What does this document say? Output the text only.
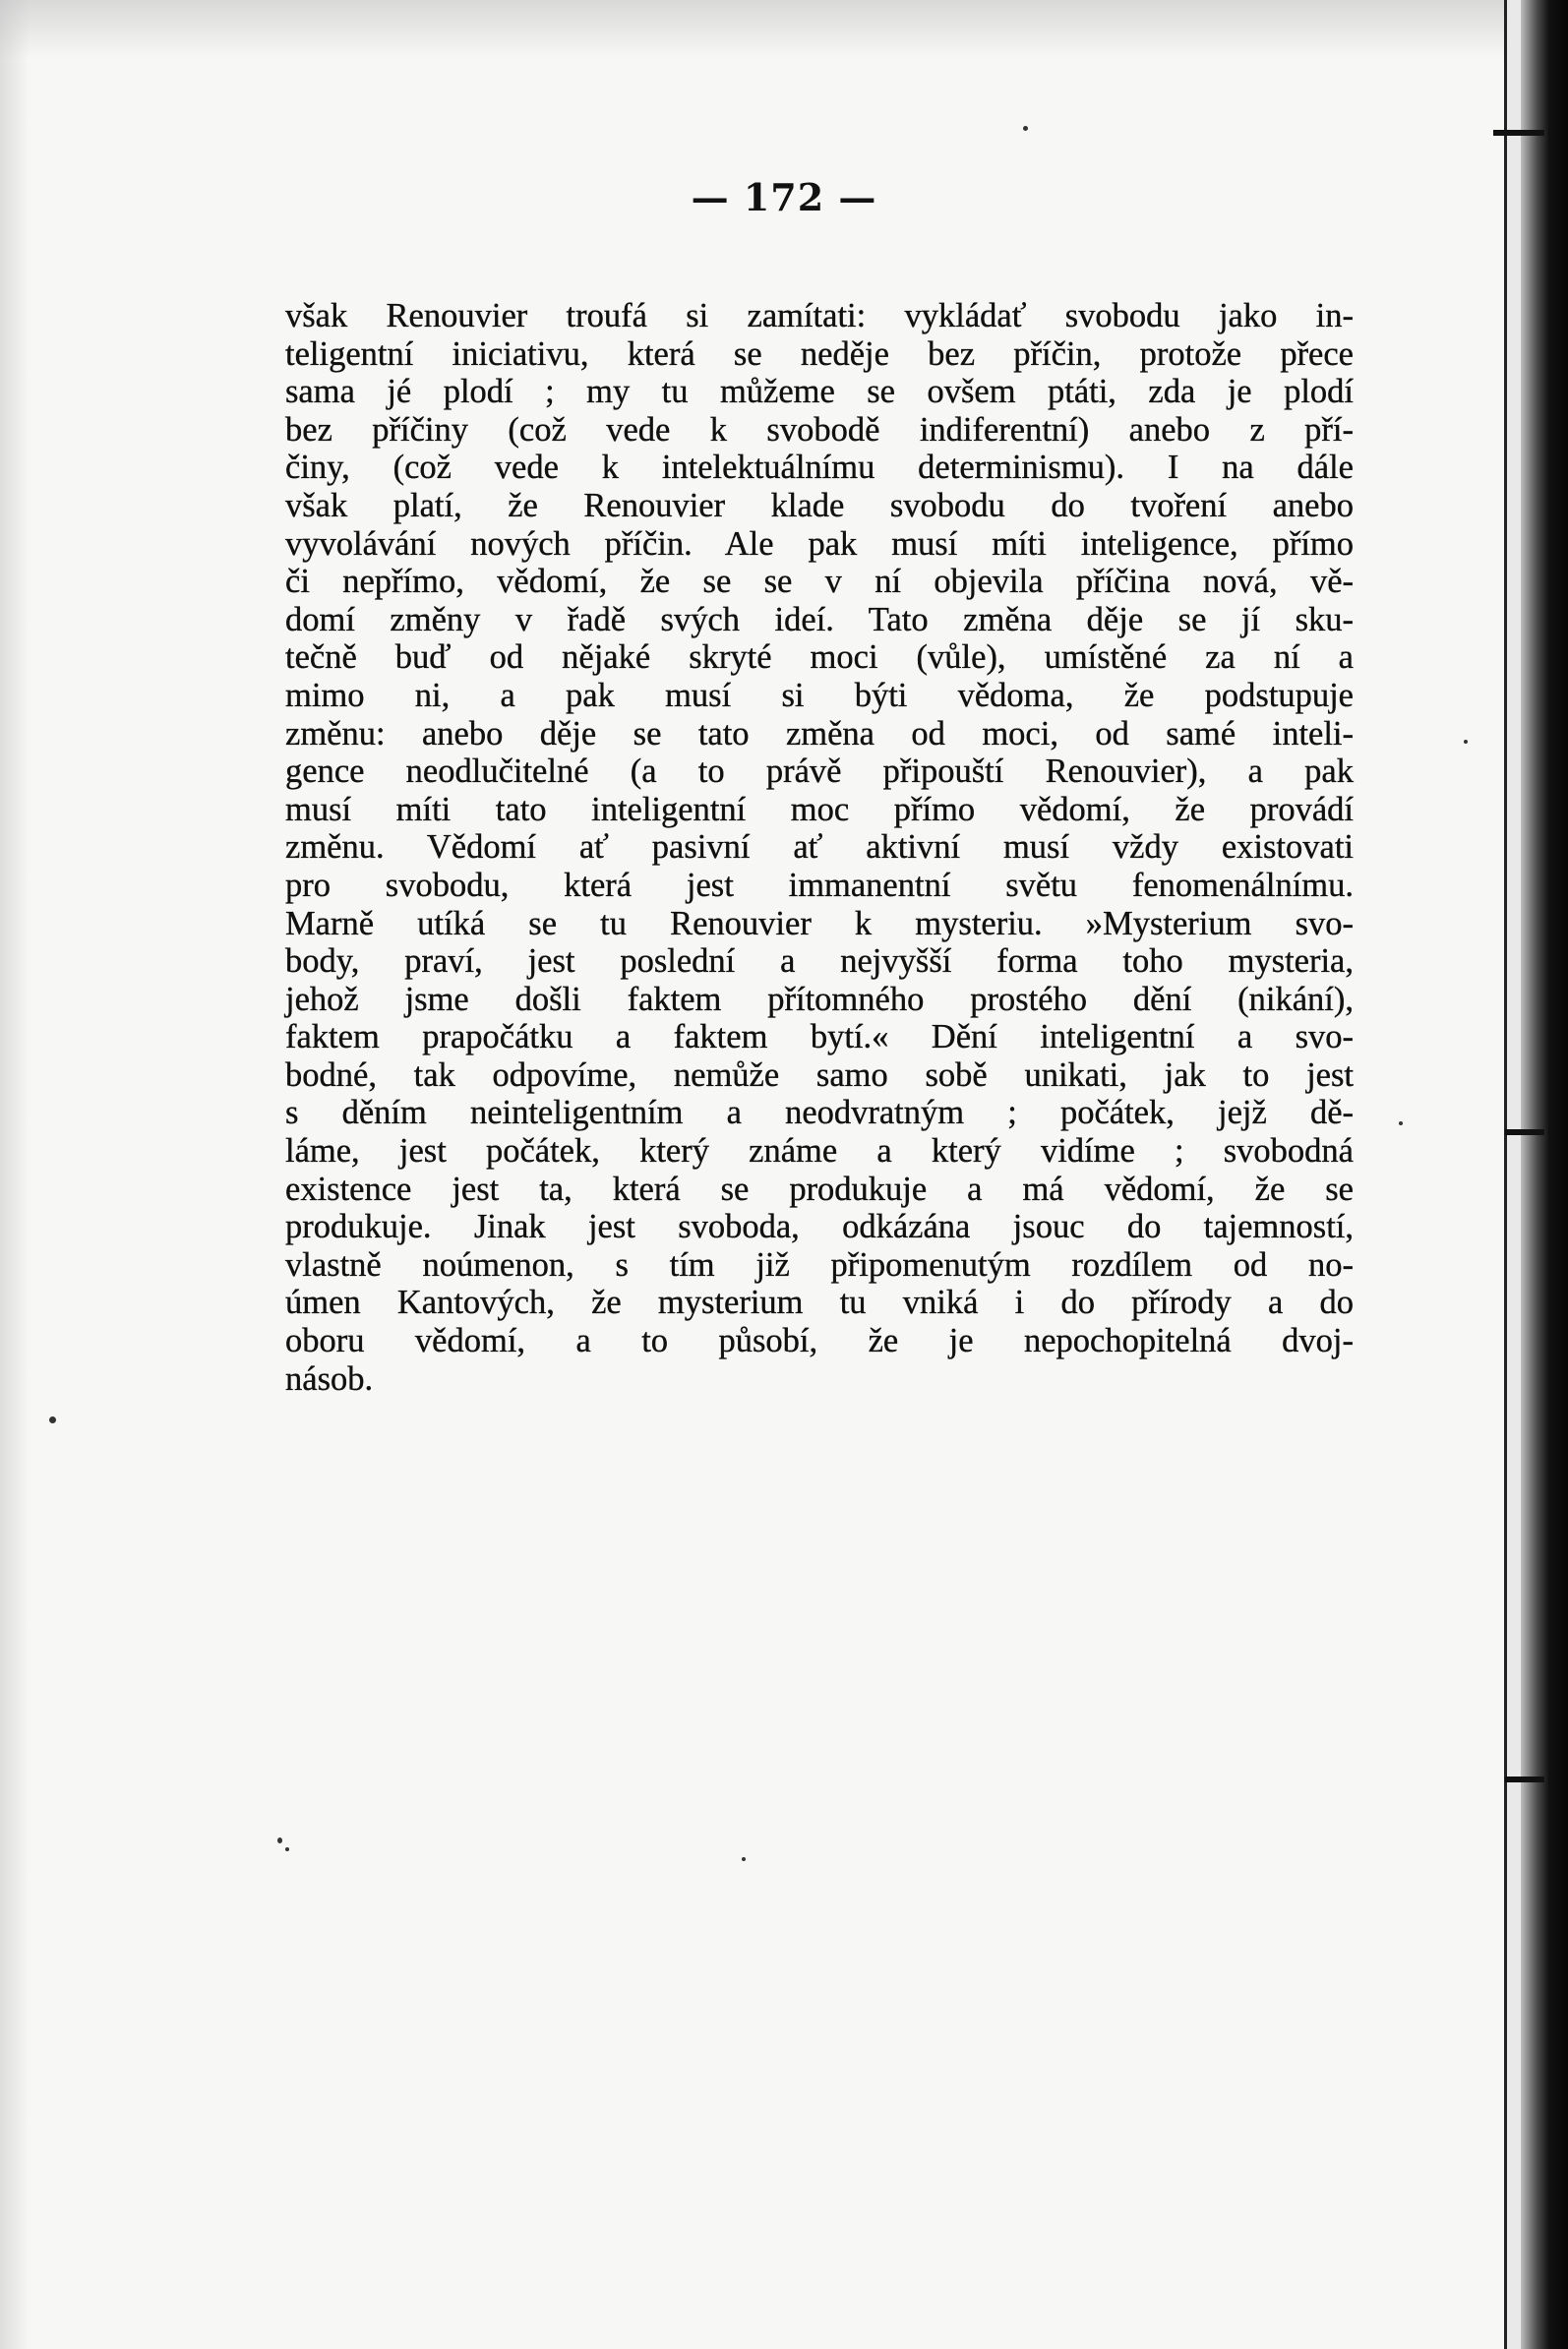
— 172 —
však Renouvier troufá si zamítati: vykládať svobodu jako in-
teligentní iniciativu, která se neděje bez příčin, protože přece
sama jé plodí ; my tu můžeme se ovšem ptáti, zda je plodí
bez příčiny (což vede k svobodě indiferentní) anebo z pří-
činy, (což vede k intelektuálnímu determinismu). I na dále
však platí, že Renouvier klade svobodu do tvoření anebo
vyvolávání nových příčin. Ale pak musí míti inteligence, přímo
či nepřímo, vědomí, že se se v ní objevila příčina nová, vě-
domí změny v řadě svých ideí. Tato změna děje se jí sku-
tečně buď od nějaké skryté moci (vůle), umístěné za ní a
mimo ni, a pak musí si býti vědoma, že podstupuje
změnu: anebo děje se tato změna od moci, od samé inteli-
gence neodlučitelné (a to právě připouští Renouvier), a pak
musí míti tato inteligentní moc přímo vědomí, že provádí
změnu. Vědomí ať pasivní ať aktivní musí vždy existovati
pro svobodu, která jest immanentní světu fenomenálnímu.
Marně utíká se tu Renouvier k mysteriu. »Mysterium svo-
body, praví, jest poslední a nejvyšší forma toho mysteria,
jehož jsme došli faktem přítomného prostého dění (nikání),
faktem prapočátku a faktem bytí.« Dění inteligentní a svo-
bodné, tak odpovíme, nemůže samo sobě unikati, jak to jest
s děním neinteligentním a neodvratným ; počátek, jejž dě-
láme, jest počátek, který známe a který vidíme ; svobodná
existence jest ta, která se produkuje a má vědomí, že se
produkuje. Jinak jest svoboda, odkázána jsouc do tajemností,
vlastně noúmenon, s tím již připomenutým rozdílem od no-
úmen Kantových, že mysterium tu vniká i do přírody a do
oboru vědomí, a to působí, že je nepochopitelná dvoj-
násob.
